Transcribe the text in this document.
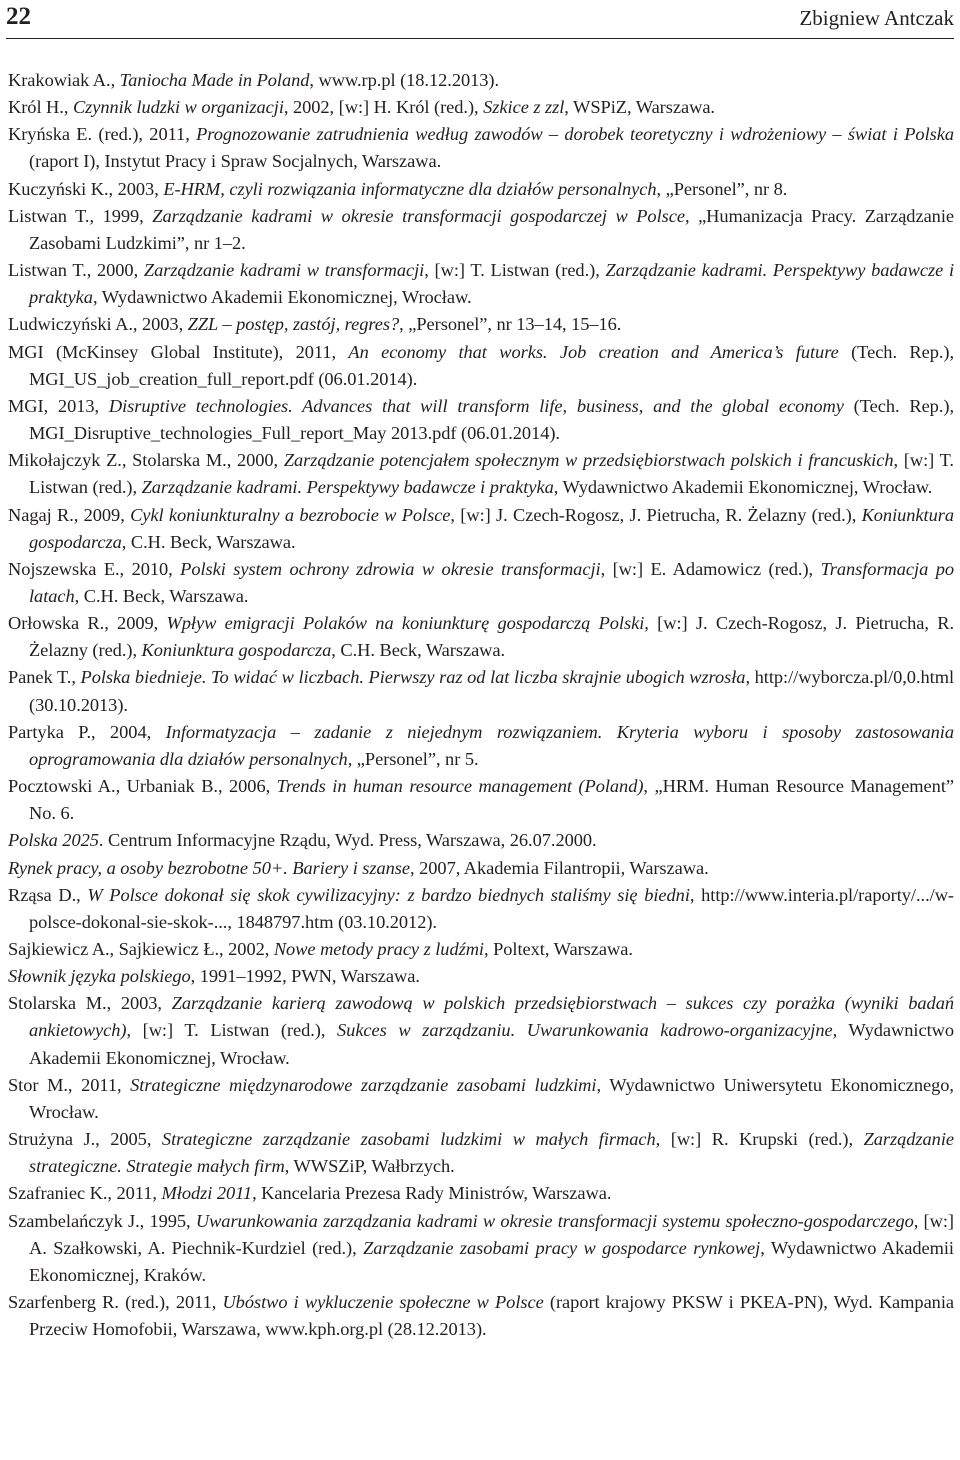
22	Zbigniew Antczak
Krakowiak A., Taniocha Made in Poland, www.rp.pl (18.12.2013).
Król H., Czynnik ludzki w organizacji, 2002, [w:] H. Król (red.), Szkice z zzl, WSPiZ, Warszawa.
Kryńska E. (red.), 2011, Prognozowanie zatrudnienia według zawodów – dorobek teoretyczny i wdrożeniowy – świat i Polska (raport I), Instytut Pracy i Spraw Socjalnych, Warszawa.
Kuczyński K., 2003, E-HRM, czyli rozwiązania informatyczne dla działów personalnych, „Personel”, nr 8.
Listwan T., 1999, Zarządzanie kadrami w okresie transformacji gospodarczej w Polsce, „Humanizacja Pracy. Zarządzanie Zasobami Ludzkimi”, nr 1–2.
Listwan T., 2000, Zarządzanie kadrami w transformacji, [w:] T. Listwan (red.), Zarządzanie kadrami. Perspektywy badawcze i praktyka, Wydawnictwo Akademii Ekonomicznej, Wrocław.
Ludwiczyński A., 2003, ZZL – postęp, zastój, regres?, „Personel”, nr 13–14, 15–16.
MGI (McKinsey Global Institute), 2011, An economy that works. Job creation and America’s future (Tech. Rep.), MGI_US_job_creation_full_report.pdf (06.01.2014).
MGI, 2013, Disruptive technologies. Advances that will transform life, business, and the global economy (Tech. Rep.), MGI_Disruptive_technologies_Full_report_May 2013.pdf (06.01.2014).
Mikołajczyk Z., Stolarska M., 2000, Zarządzanie potencjałem społecznym w przedsiębiorstwach polskich i francuskich, [w:] T. Listwan (red.), Zarządzanie kadrami. Perspektywy badawcze i praktyka, Wydawnictwo Akademii Ekonomicznej, Wrocław.
Nagaj R., 2009, Cykl koniunkturalny a bezrobocie w Polsce, [w:] J. Czech-Rogosz, J. Pietrucha, R. Żelazny (red.), Koniunktura gospodarcza, C.H. Beck, Warszawa.
Nojszewska E., 2010, Polski system ochrony zdrowia w okresie transformacji, [w:] E. Adamowicz (red.), Transformacja po latach, C.H. Beck, Warszawa.
Orłowska R., 2009, Wpływ emigracji Polaków na koniunkturę gospodarczą Polski, [w:] J. Czech-Rogosz, J. Pietrucha, R. Żelazny (red.), Koniunktura gospodarcza, C.H. Beck, Warszawa.
Panek T., Polska biednieje. To widać w liczbach. Pierwszy raz od lat liczba skrajnie ubogich wzrosła, http://wyborcza.pl/0,0.html (30.10.2013).
Partyka P., 2004, Informatyzacja – zadanie z niejednym rozwiązaniem. Kryteria wyboru i sposoby zastosowania oprogramowania dla działów personalnych, „Personel”, nr 5.
Pocztowski A., Urbaniak B., 2006, Trends in human resource management (Poland), „HRM. Human Resource Management” No. 6.
Polska 2025. Centrum Informacyjne Rządu, Wyd. Press, Warszawa, 26.07.2000.
Rynek pracy, a osoby bezrobotne 50+. Bariery i szanse, 2007, Akademia Filantropii, Warszawa.
Rząsa D., W Polsce dokonał się skok cywilizacyjny: z bardzo biednych staliśmy się biedni, http://www.interia.pl/raporty/.../w-polsce-dokonal-sie-skok-..., 1848797.htm (03.10.2012).
Sajkiewicz A., Sajkiewicz Ł., 2002, Nowe metody pracy z ludźmi, Poltext, Warszawa.
Słownik języka polskiego, 1991–1992, PWN, Warszawa.
Stolarska M., 2003, Zarządzanie karierą zawodową w polskich przedsiębiorstwach – sukces czy porażka (wyniki badań ankietowych), [w:] T. Listwan (red.), Sukces w zarządzaniu. Uwarunkowania kadrowo-organizacyjne, Wydawnictwo Akademii Ekonomicznej, Wrocław.
Stor M., 2011, Strategiczne międzynarodowe zarządzanie zasobami ludzkimi, Wydawnictwo Uniwersytetu Ekonomicznego, Wrocław.
Strużyna J., 2005, Strategiczne zarządzanie zasobami ludzkimi w małych firmach, [w:] R. Krupski (red.), Zarządzanie strategiczne. Strategie małych firm, WWSZiP, Wałbrzych.
Szafraniec K., 2011, Młodzi 2011, Kancelaria Prezesa Rady Ministrów, Warszawa.
Szambelańczyk J., 1995, Uwarunkowania zarządzania kadrami w okresie transformacji systemu społeczno-gospodarczego, [w:] A. Szałkowski, A. Piechnik-Kurdziel (red.), Zarządzanie zasobami pracy w gospodarce rynkowej, Wydawnictwo Akademii Ekonomicznej, Kraków.
Szarfenberg R. (red.), 2011, Ubóstwo i wykluczenie społeczne w Polsce (raport krajowy PKSW i PKEA-PN), Wyd. Kampania Przeciw Homofobii, Warszawa, www.kph.org.pl (28.12.2013).
